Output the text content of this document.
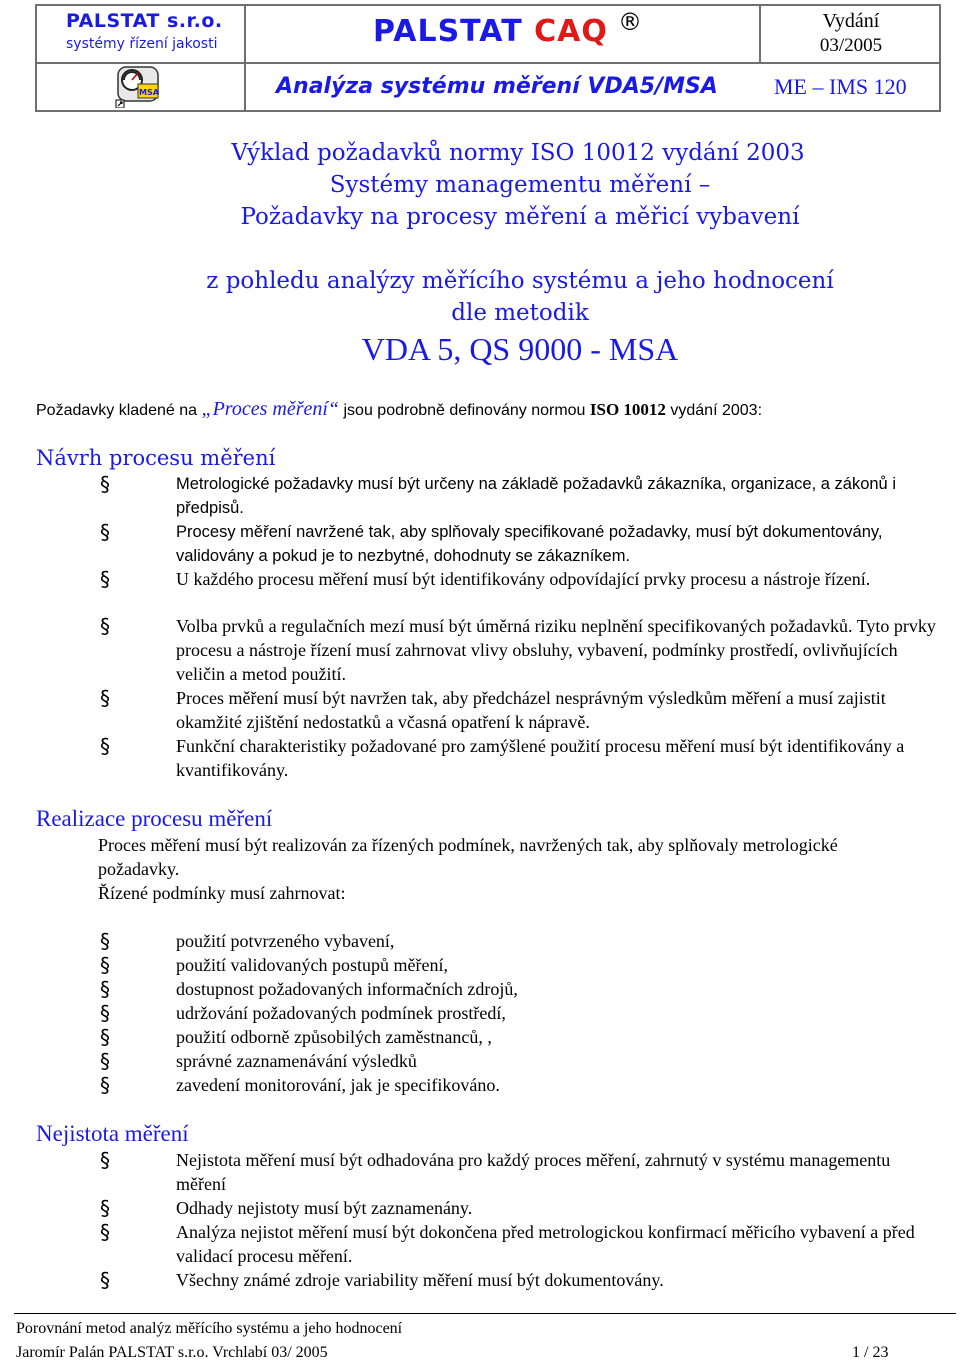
PALSTAT s.r.o.
systémy řízení jakosti
MSA
PALSTAT CAQ ®
Analýza systému měření VDA5/MSA
Vydání
03/2005
ME – IMS 120
Výklad požadavků normy ISO 10012 vydání 2003
Systémy managementu měření –
Požadavky na procesy měření a měřicí vybavení
z pohledu analýzy měřícího systému a jeho hodnocení
dle metodik
VDA 5, QS 9000 - MSA
Požadavky kladené na „Proces měření“ jsou podrobně definovány normou ISO 10012 vydání 2003:
Návrh procesu měření
§	Metrologické požadavky musí být určeny na základě požadavků zákazníka, organizace, a zákonů i předpisů.
§	Procesy měření navržené tak, aby splňovaly specifikované požadavky, musí být dokumentovány, validovány a pokud je to nezbytné, dohodnuty se zákazníkem.
§	U každého procesu měření musí být identifikovány odpovídající prvky procesu a nástroje řízení.
§	Volba prvků a regulačních mezí musí být úměrná riziku neplnění specifikovaných požadavků. Tyto prvky procesu a nástroje řízení musí zahrnovat vlivy obsluhy, vybavení, podmínky prostředí, ovlivňujících veličin a metod použití.
§	Proces měření musí být navržen tak, aby předcházel nesprávným výsledkům měření a musí zajistit okamžité zjištění nedostatků a včasná opatření k nápravě.
§	Funkční charakteristiky požadované pro zamýšlené použití procesu měření musí být identifikovány a kvantifikovány.
Realizace procesu měření
Proces měření musí být realizován za řízených podmínek, navržených tak, aby splňovaly metrologické požadavky.
Řízené podmínky musí zahrnovat:
§	použití potvrzeného vybavení,
§	použití validovaných postupů měření,
§	dostupnost požadovaných informačních zdrojů,
§	udržování požadovaných podmínek prostředí,
§	použití odborně způsobilých zaměstnanců, ,
§	správné zaznamenávání výsledků
§	zavedení monitorování, jak je specifikováno.
Nejistota měření
§	Nejistota měření musí být odhadována pro každý proces měření, zahrnutý v systému managementu měření
§	Odhady nejistoty musí být zaznamenány.
§	Analýza nejistot měření musí být dokončena před metrologickou konfirmací měřicího vybavení a před validací procesu měření.
§	Všechny známé zdroje variability měření musí být dokumentovány.
Porovnání metod analýz měřícího systému a jeho hodnocení
Jaromír Palán PALSTAT s.r.o. Vrchlabí 03/ 2005	1 / 23
